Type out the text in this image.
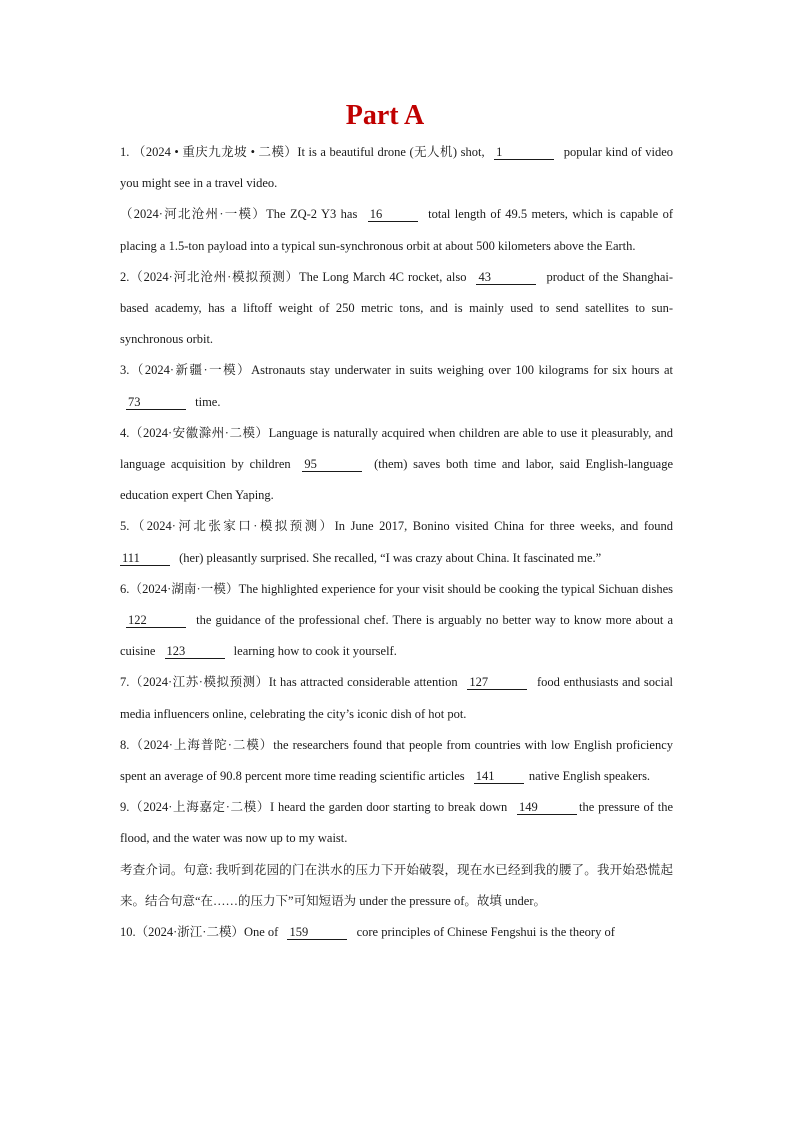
Part A

1. （2024 • 重庆九龙坡 • 二模）It is a beautiful drone (无人机) shot, 1	popular kind of video you might see in a travel video.

（2024·河北沧州·一模）The ZQ-2 Y3 has 16	total length of 49.5 meters, which is capable of placing a 1.5-ton payload into a typical sun-synchronous orbit at about 500 kilometers above the Earth.

2.（2024·河北沧州·模拟预测）The Long March 4C rocket, also 43	product of the Shanghai-based academy, has a liftoff weight of 250 metric tons, and is mainly used to send satellites to sun-synchronous orbit.

3.（2024·新疆·一模）Astronauts stay underwater in suits weighing over 100 kilograms for six hours at 73	time.

4.（2024·安徽滁州·二模）Language is naturally acquired when children are able to use it pleasurably, and language acquisition by children 95	(them) saves both time and labor, said English-language education expert Chen Yaping.

5.（2024·河北张家口·模拟预测）In June 2017, Bonino visited China for three weeks, and found 111	(her) pleasantly surprised. She recalled, “I was crazy about China. It fascinated me.”

6.（2024·湖南·一模）The highlighted experience for your visit should be cooking the typical Sichuan dishes 122	the guidance of the professional chef. There is arguably no better way to know more about a cuisine 123	learning how to cook it yourself.

7.（2024·江苏·模拟预测）It has attracted considerable attention 127	food enthusiasts and social media influencers online, celebrating the city’s iconic dish of hot pot.

8.（2024·上海普陀·二模）the researchers found that people from countries with low English proficiency spent an average of 90.8 percent more time reading scientific articles 141	native English speakers.

9.（2024·上海嘉定·二模）I heard the garden door starting to break down 149	the pressure of the flood, and the water was now up to my waist.

考查介词。句意: 我听到花园的门在洪水的压力下开始破裂，现在水已经到我的腰了。我开始恐慌起来。结合句意“在……的压力下”可知短语为 under the pressure of。故填 under。

10.（2024·浙江·二模）One of 159	core principles of Chinese Fengshui is the theory of
